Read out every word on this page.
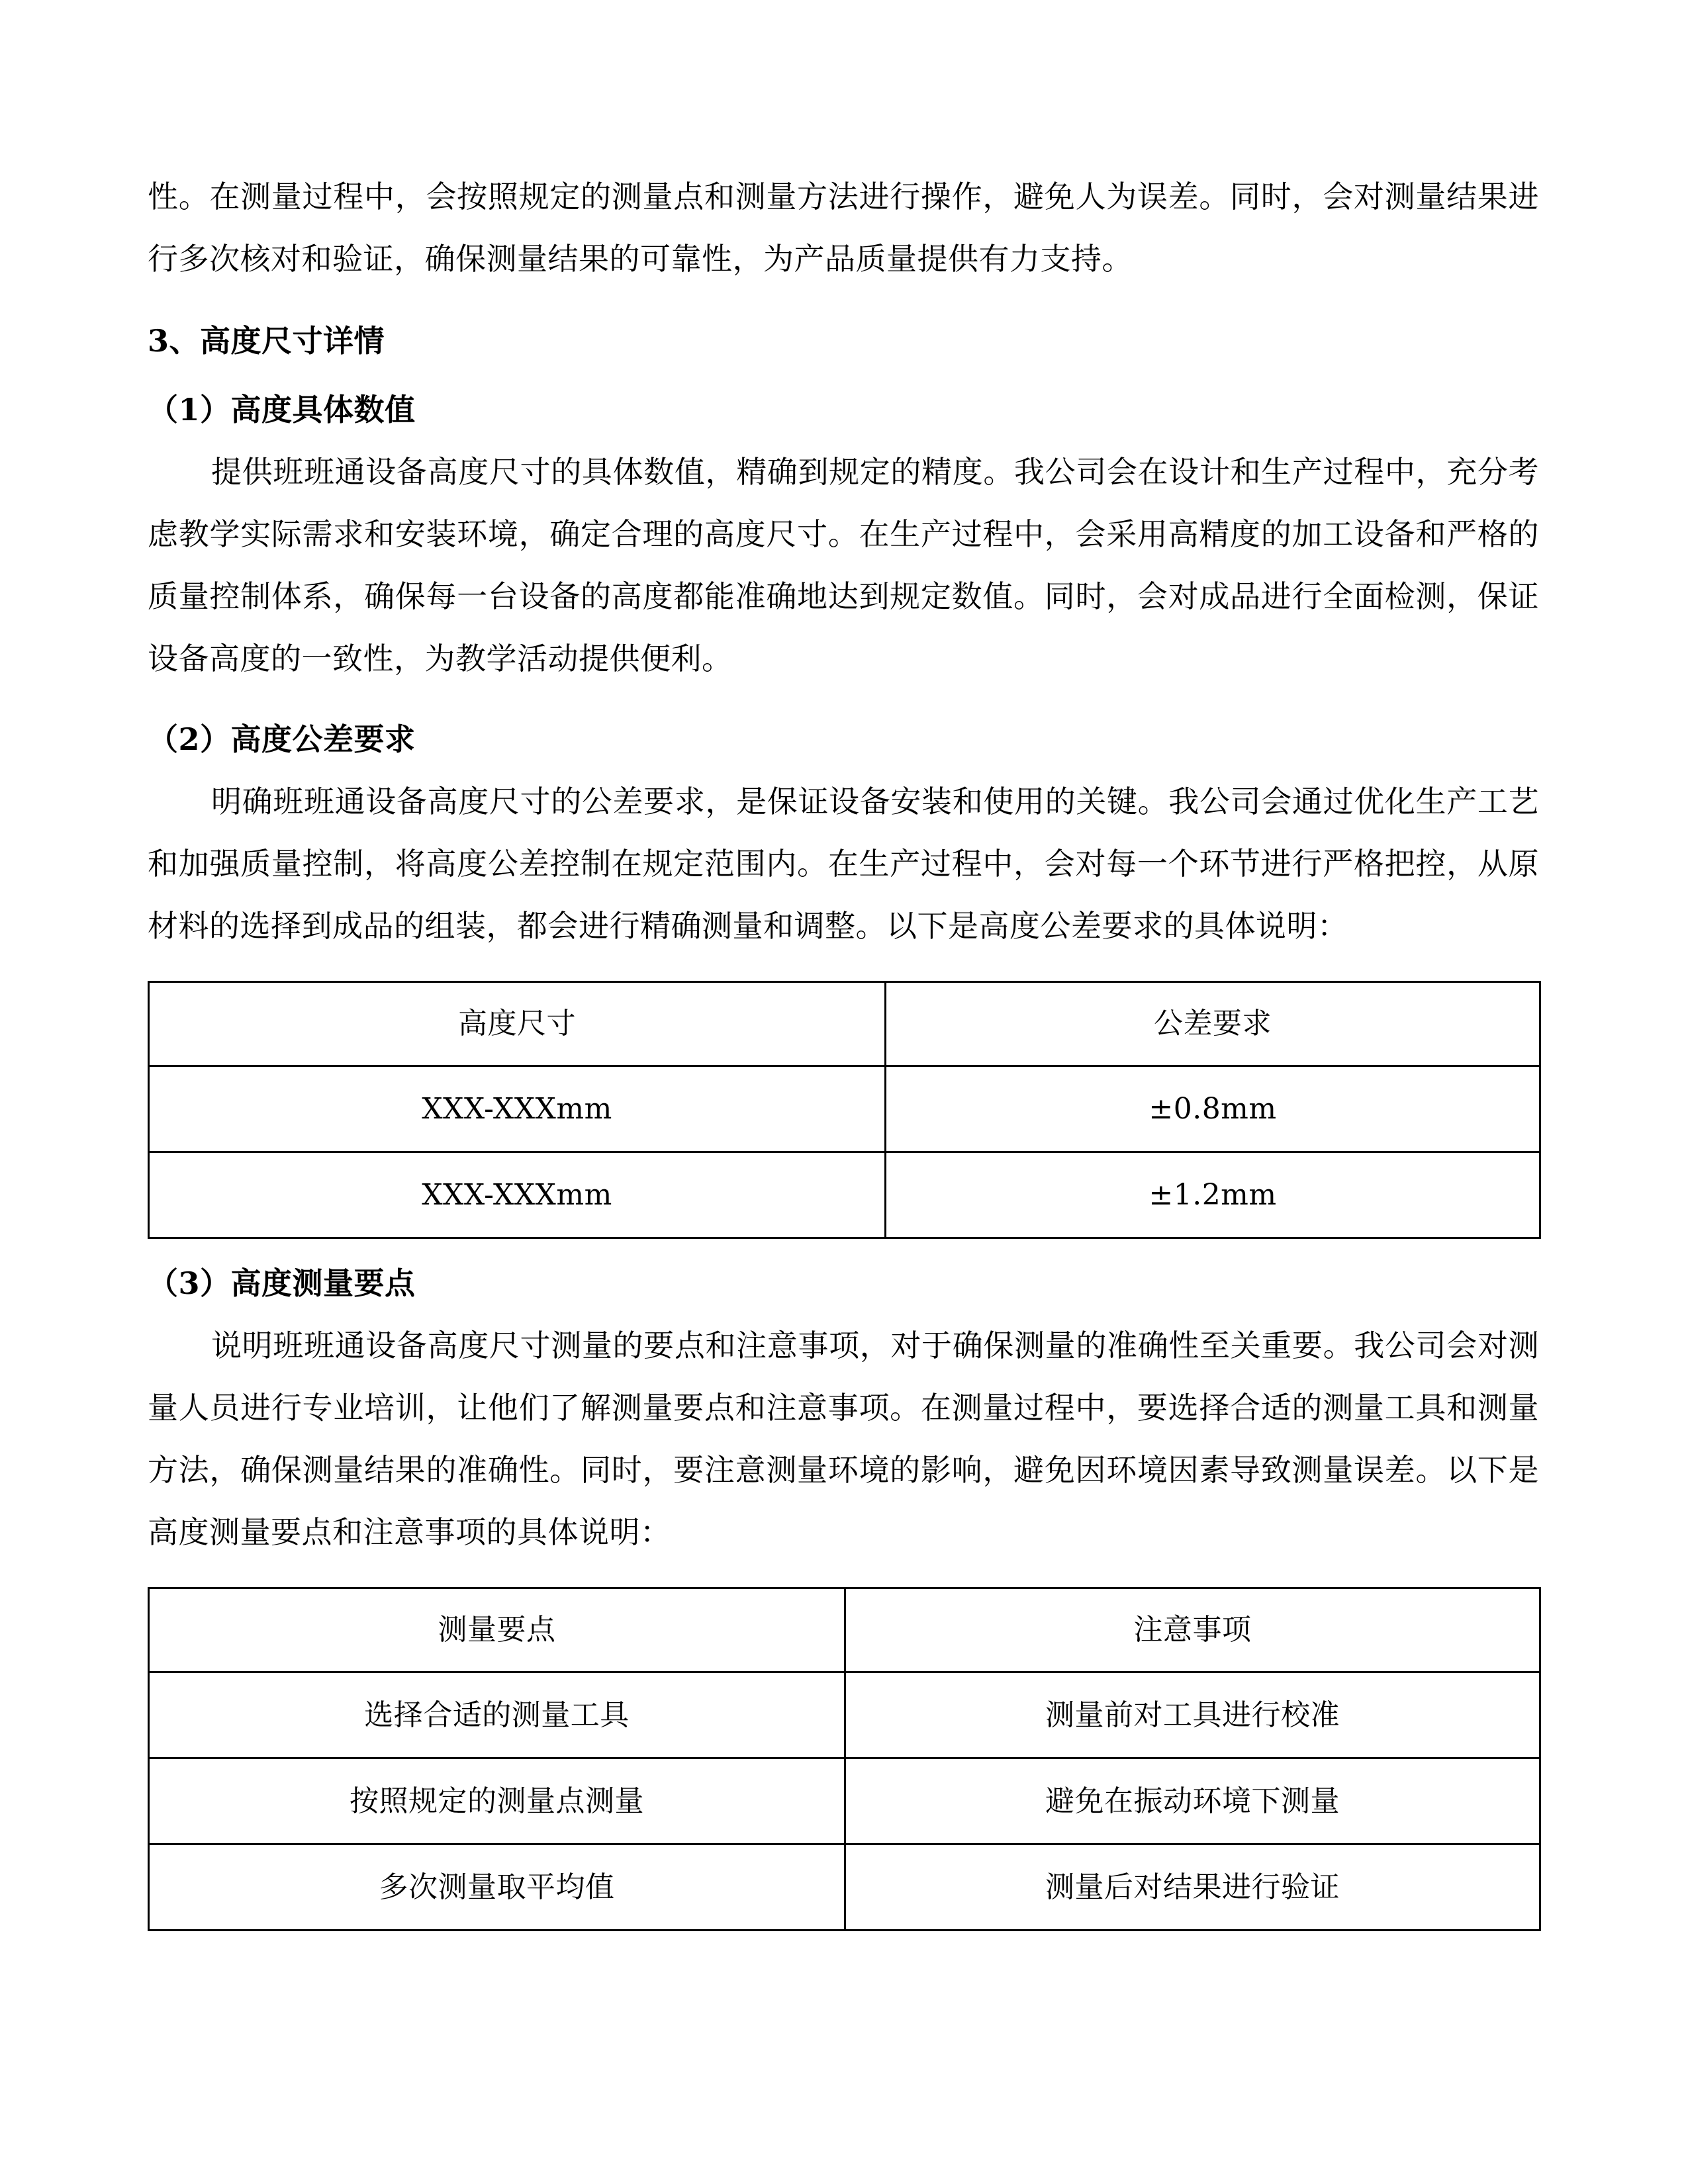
性。在测量过程中，会按照规定的测量点和测量方法进行操作，避免人为误差。同时，会对测量结果进行多次核对和验证，确保测量结果的可靠性，为产品质量提供有力支持。

3、高度尺寸详情
（1）高度具体数值

提供班班通设备高度尺寸的具体数值，精确到规定的精度。我公司会在设计和生产过程中，充分考虑教学实际需求和安装环境，确定合理的高度尺寸。在生产过程中，会采用高精度的加工设备和严格的质量控制体系，确保每一台设备的高度都能准确地达到规定数值。同时，会对成品进行全面检测，保证设备高度的一致性，为教学活动提供便利。

（2）高度公差要求

明确班班通设备高度尺寸的公差要求，是保证设备安装和使用的关键。我公司会通过优化生产工艺和加强质量控制，将高度公差控制在规定范围内。在生产过程中，会对每一个环节进行严格把控，从原材料的选择到成品的组装，都会进行精确测量和调整。以下是高度公差要求的具体说明：

高度尺寸	公差要求
XXX-XXXmm	±0.8mm
XXX-XXXmm	±1.2mm
（3）高度测量要点

说明班班通设备高度尺寸测量的要点和注意事项，对于确保测量的准确性至关重要。我公司会对测量人员进行专业培训，让他们了解测量要点和注意事项。在测量过程中，要选择合适的测量工具和测量方法，确保测量结果的准确性。同时，要注意测量环境的影响，避免因环境因素导致测量误差。以下是高度测量要点和注意事项的具体说明：

测量要点	注意事项
选择合适的测量工具	测量前对工具进行校准
按照规定的测量点测量	避免在振动环境下测量
多次测量取平均值	测量后对结果进行验证
